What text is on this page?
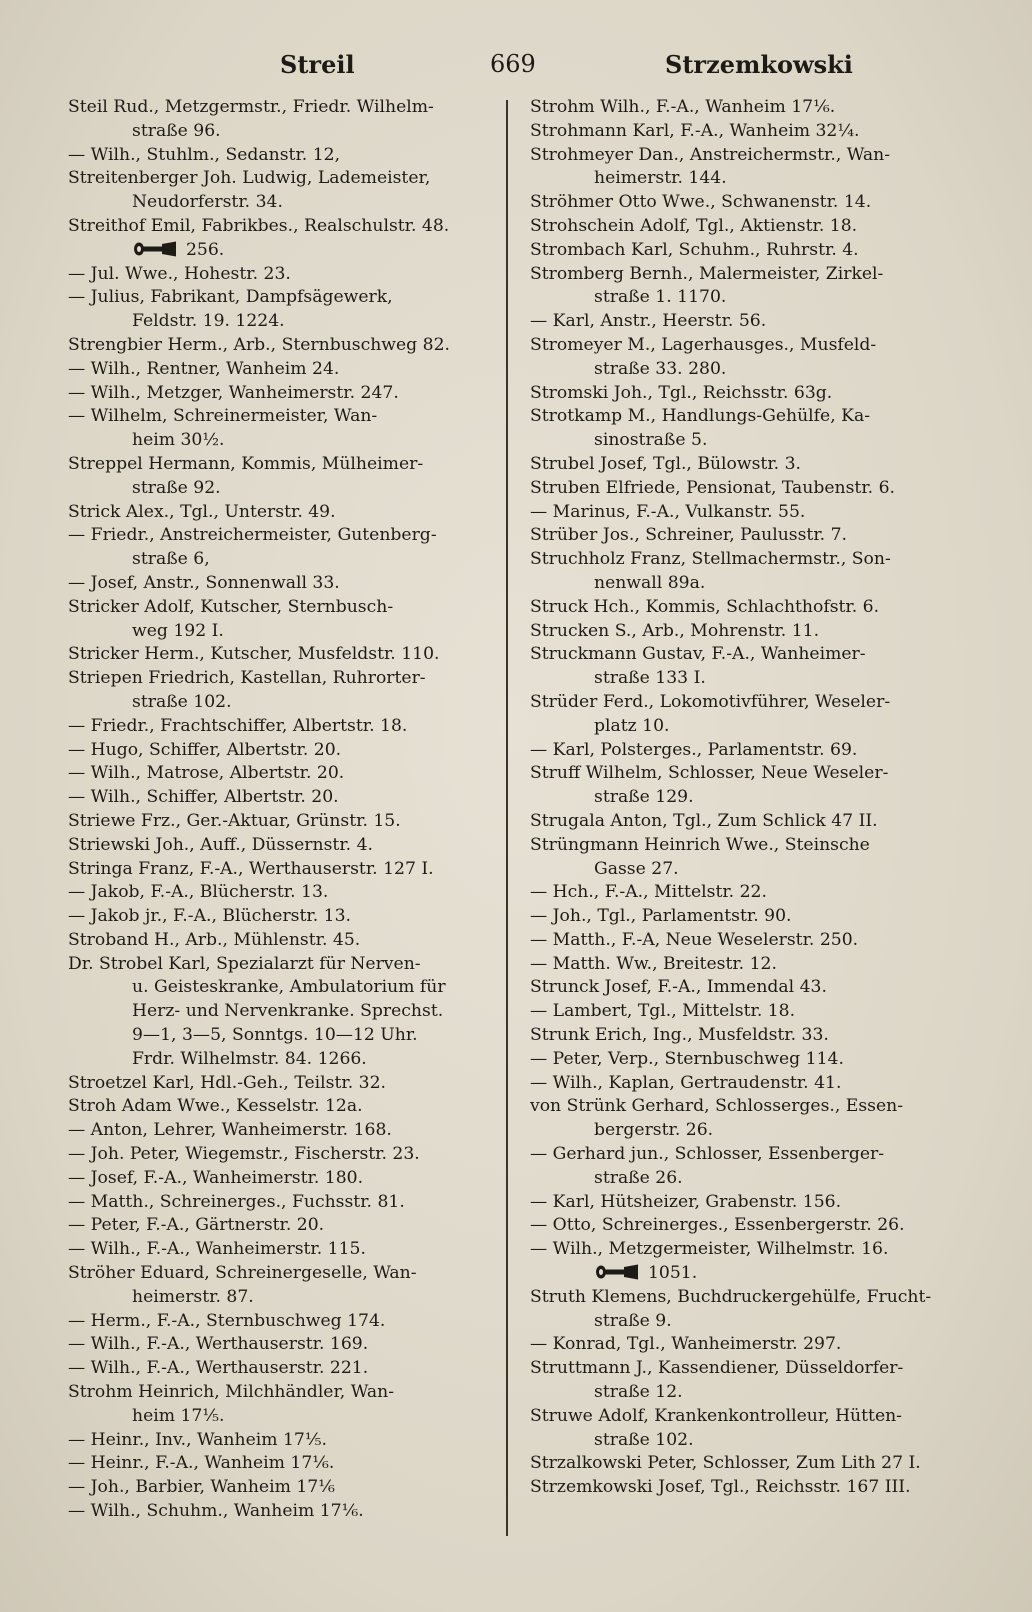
Streil	669	Strzemkowski
Steil Rud., Metzgermstr., Friedr. Wilhelm-
straße 96.
— Wilh., Stuhlm., Sedanstr. 12,
Streitenberger Joh. Ludwig, Lademeister,
Neudorferstr. 34.
Streithof Emil, Fabrikbes., Realschulstr. 48.
256.
— Jul. Wwe., Hohestr. 23.
— Julius, Fabrikant, Dampfsägewerk,
Feldstr. 19. 1224.
Strengbier Herm., Arb., Sternbuschweg 82.
— Wilh., Rentner, Wanheim 24.
— Wilh., Metzger, Wanheimerstr. 247.
— Wilhelm, Schreinermeister, Wan-
heim 30½.
Streppel Hermann, Kommis, Mülheimer-
straße 92.
Strick Alex., Tgl., Unterstr. 49.
— Friedr., Anstreichermeister, Gutenberg-
straße 6,
— Josef, Anstr., Sonnenwall 33.
Stricker Adolf, Kutscher, Sternbusch-
weg 192 I.
Stricker Herm., Kutscher, Musfeldstr. 110.
Striepen Friedrich, Kastellan, Ruhrorter-
straße 102.
— Friedr., Frachtschiffer, Albertstr. 18.
— Hugo, Schiffer, Albertstr. 20.
— Wilh., Matrose, Albertstr. 20.
— Wilh., Schiffer, Albertstr. 20.
Striewe Frz., Ger.-Aktuar, Grünstr. 15.
Striewski Joh., Auff., Düssernstr. 4.
Stringa Franz, F.-A., Werthauserstr. 127 I.
— Jakob, F.-A., Blücherstr. 13.
— Jakob jr., F.-A., Blücherstr. 13.
Stroband H., Arb., Mühlenstr. 45.
Dr. Strobel Karl, Spezialarzt für Nerven-
u. Geisteskranke, Ambulatorium für
Herz- und Nervenkranke. Sprechst.
9—1, 3—5, Sonntgs. 10—12 Uhr.
Frdr. Wilhelmstr. 84. 1266.
Stroetzel Karl, Hdl.-Geh., Teilstr. 32.
Stroh Adam Wwe., Kesselstr. 12a.
— Anton, Lehrer, Wanheimerstr. 168.
— Joh. Peter, Wiegemstr., Fischerstr. 23.
— Josef, F.-A., Wanheimerstr. 180.
— Matth., Schreinerges., Fuchsstr. 81.
— Peter, F.-A., Gärtnerstr. 20.
— Wilh., F.-A., Wanheimerstr. 115.
Ströher Eduard, Schreinergeselle, Wan-
heimerstr. 87.
— Herm., F.-A., Sternbuschweg 174.
— Wilh., F.-A., Werthauserstr. 169.
— Wilh., F.-A., Werthauserstr. 221.
Strohm Heinrich, Milchhändler, Wan-
heim 17⅕.
— Heinr., Inv., Wanheim 17⅕.
— Heinr., F.-A., Wanheim 17⅙.
— Joh., Barbier, Wanheim 17⅙
— Wilh., Schuhm., Wanheim 17⅙.
Strohm Wilh., F.-A., Wanheim 17⅙.
Strohmann Karl, F.-A., Wanheim 32¼.
Strohmeyer Dan., Anstreichermstr., Wan-
heimerstr. 144.
Ströhmer Otto Wwe., Schwanenstr. 14.
Strohschein Adolf, Tgl., Aktienstr. 18.
Strombach Karl, Schuhm., Ruhrstr. 4.
Stromberg Bernh., Malermeister, Zirkel-
straße 1. 1170.
— Karl, Anstr., Heerstr. 56.
Stromeyer M., Lagerhausges., Musfeld-
straße 33. 280.
Stromski Joh., Tgl., Reichsstr. 63g.
Strotkamp M., Handlungs-Gehülfe, Ka-
sinostraße 5.
Strubel Josef, Tgl., Bülowstr. 3.
Struben Elfriede, Pensionat, Taubenstr. 6.
— Marinus, F.-A., Vulkanstr. 55.
Strüber Jos., Schreiner, Paulusstr. 7.
Struchholz Franz, Stellmachermstr., Son-
nenwall 89a.
Struck Hch., Kommis, Schlachthofstr. 6.
Strucken S., Arb., Mohrenstr. 11.
Struckmann Gustav, F.-A., Wanheimer-
straße 133 I.
Strüder Ferd., Lokomotivführer, Weseler-
platz 10.
— Karl, Polsterges., Parlamentstr. 69.
Struff Wilhelm, Schlosser, Neue Weseler-
straße 129.
Strugala Anton, Tgl., Zum Schlick 47 II.
Strüngmann Heinrich Wwe., Steinsche
Gasse 27.
— Hch., F.-A., Mittelstr. 22.
— Joh., Tgl., Parlamentstr. 90.
— Matth., F.-A, Neue Weselerstr. 250.
— Matth. Ww., Breitestr. 12.
Strunck Josef, F.-A., Immendal 43.
— Lambert, Tgl., Mittelstr. 18.
Strunk Erich, Ing., Musfeldstr. 33.
— Peter, Verp., Sternbuschweg 114.
— Wilh., Kaplan, Gertraudenstr. 41.
von Strünk Gerhard, Schlosserges., Essen-
bergerstr. 26.
— Gerhard jun., Schlosser, Essenberger-
straße 26.
— Karl, Hütsheizer, Grabenstr. 156.
— Otto, Schreinerges., Essenbergerstr. 26.
— Wilh., Metzgermeister, Wilhelmstr. 16.
1051.
Struth Klemens, Buchdruckergehülfe, Frucht-
straße 9.
— Konrad, Tgl., Wanheimerstr. 297.
Struttmann J., Kassendiener, Düsseldorfer-
straße 12.
Struwe Adolf, Krankenkontrolleur, Hütten-
straße 102.
Strzalkowski Peter, Schlosser, Zum Lith 27 I.
Strzemkowski Josef, Tgl., Reichsstr. 167 III.
